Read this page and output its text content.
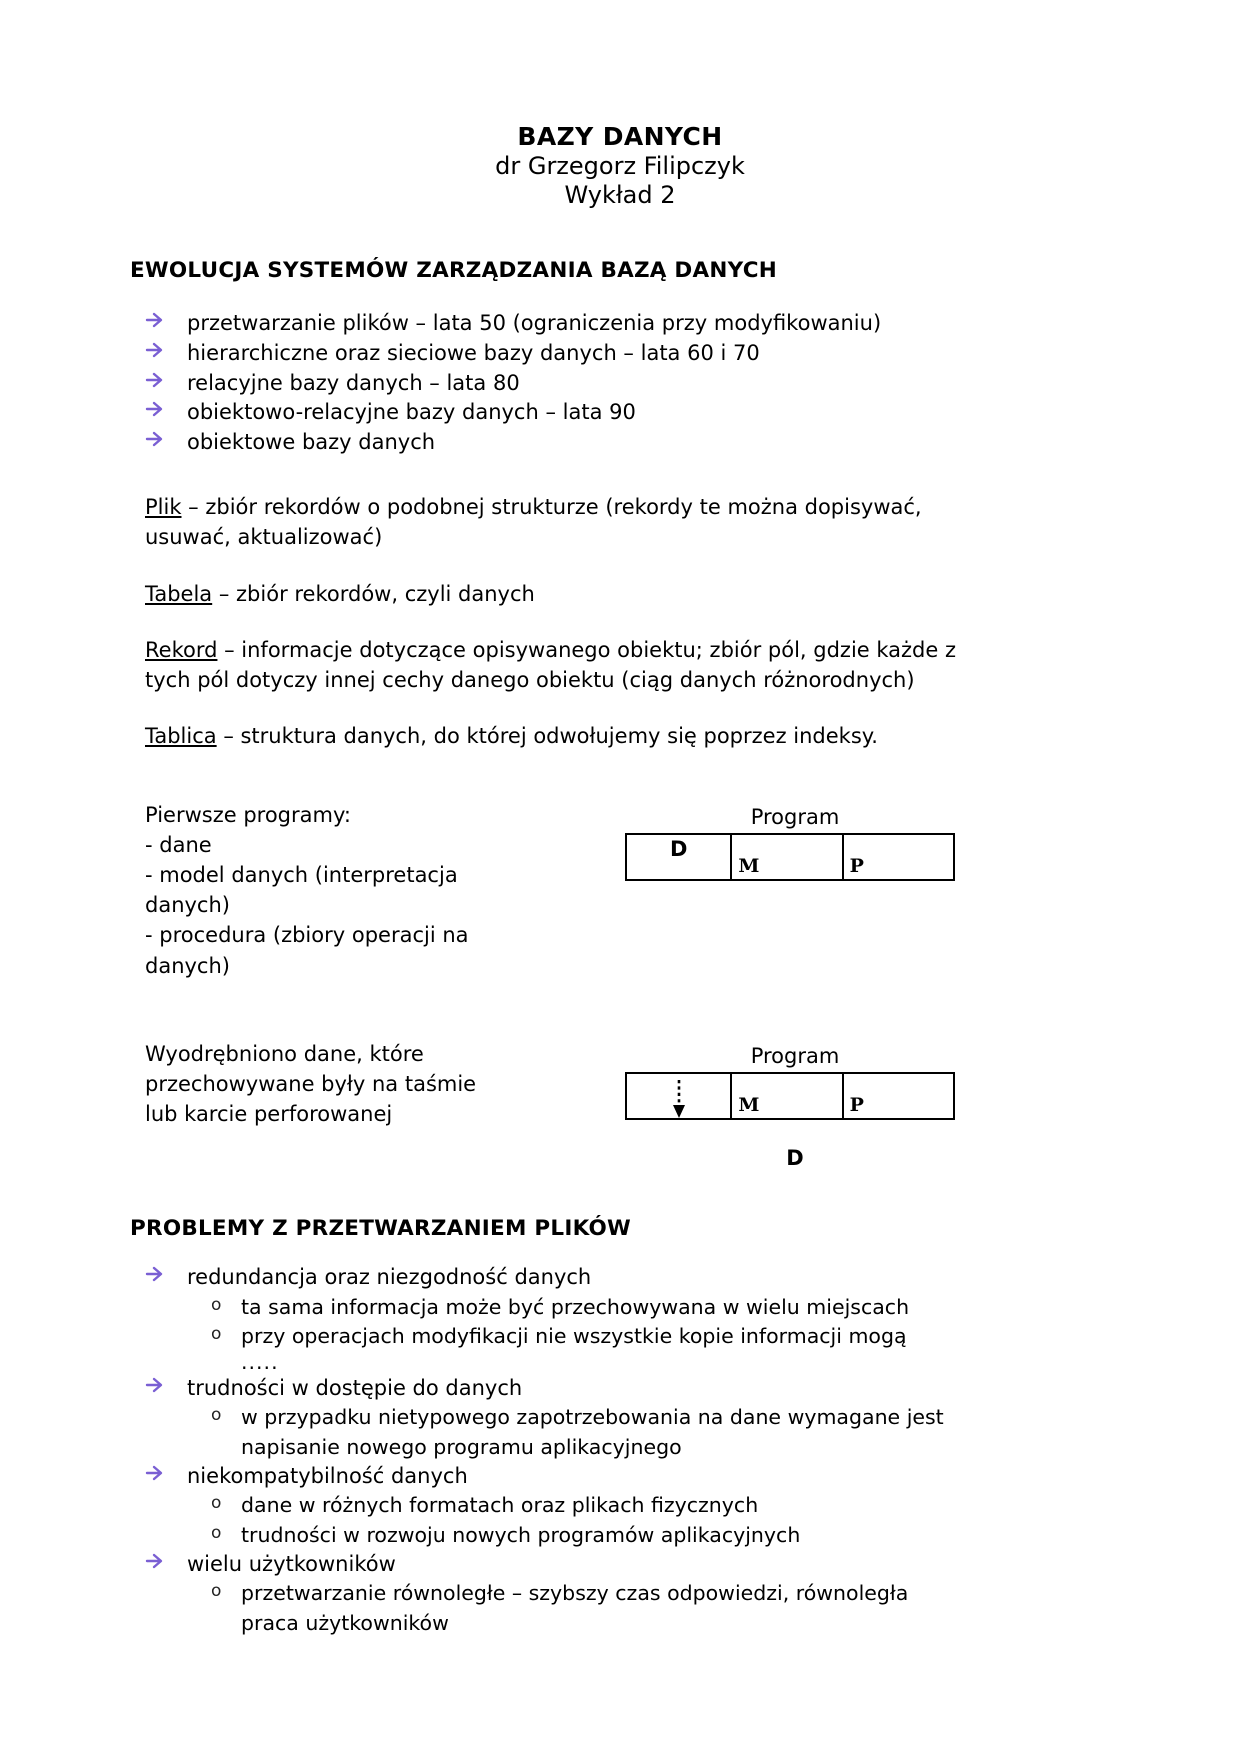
BAZY DANYCH
dr Grzegorz Filipczyk
Wykład 2
EWOLUCJA SYSTEMÓW ZARZĄDZANIA BAZĄ DANYCH
przetwarzanie plików – lata 50 (ograniczenia przy modyfikowaniu)
hierarchiczne oraz sieciowe bazy danych – lata 60 i 70
relacyjne bazy danych – lata 80
obiektowo-relacyjne bazy danych – lata 90
obiektowe bazy danych

Plik – zbiór rekordów o podobnej strukturze (rekordy te można dopisywać, usuwać, aktualizować)

Tabela – zbiór rekordów, czyli danych

Rekord – informacje dotyczące opisywanego obiektu; zbiór pól, gdzie każde z tych pól dotyczy innej cechy danego obiektu (ciąg danych różnorodnych)

Tablica – struktura danych, do której odwołujemy się poprzez indeksy.

Pierwsze programy:
- dane
- model danych (interpretacja
danych)
- procedura (zbiory operacji na
danych)
Program
D
M	P
Wyodrębniono dane, które
przechowywane były na taśmie
lub karcie perforowanej
Program
M	P
D
PROBLEMY Z PRZETWARZANIEM PLIKÓW
redundancja oraz niezgodność danych
o ta sama informacja może być przechowywana w wielu miejscach
o przy operacjach modyfikacji nie wszystkie kopie informacji mogą
.....
trudności w dostępie do danych
o w przypadku nietypowego zapotrzebowania na dane wymagane jest
napisanie nowego programu aplikacyjnego
niekompatybilność danych
o dane w różnych formatach oraz plikach fizycznych
o trudności w rozwoju nowych programów aplikacyjnych
wielu użytkowników
o przetwarzanie równoległe – szybszy czas odpowiedzi, równoległa
praca użytkowników
